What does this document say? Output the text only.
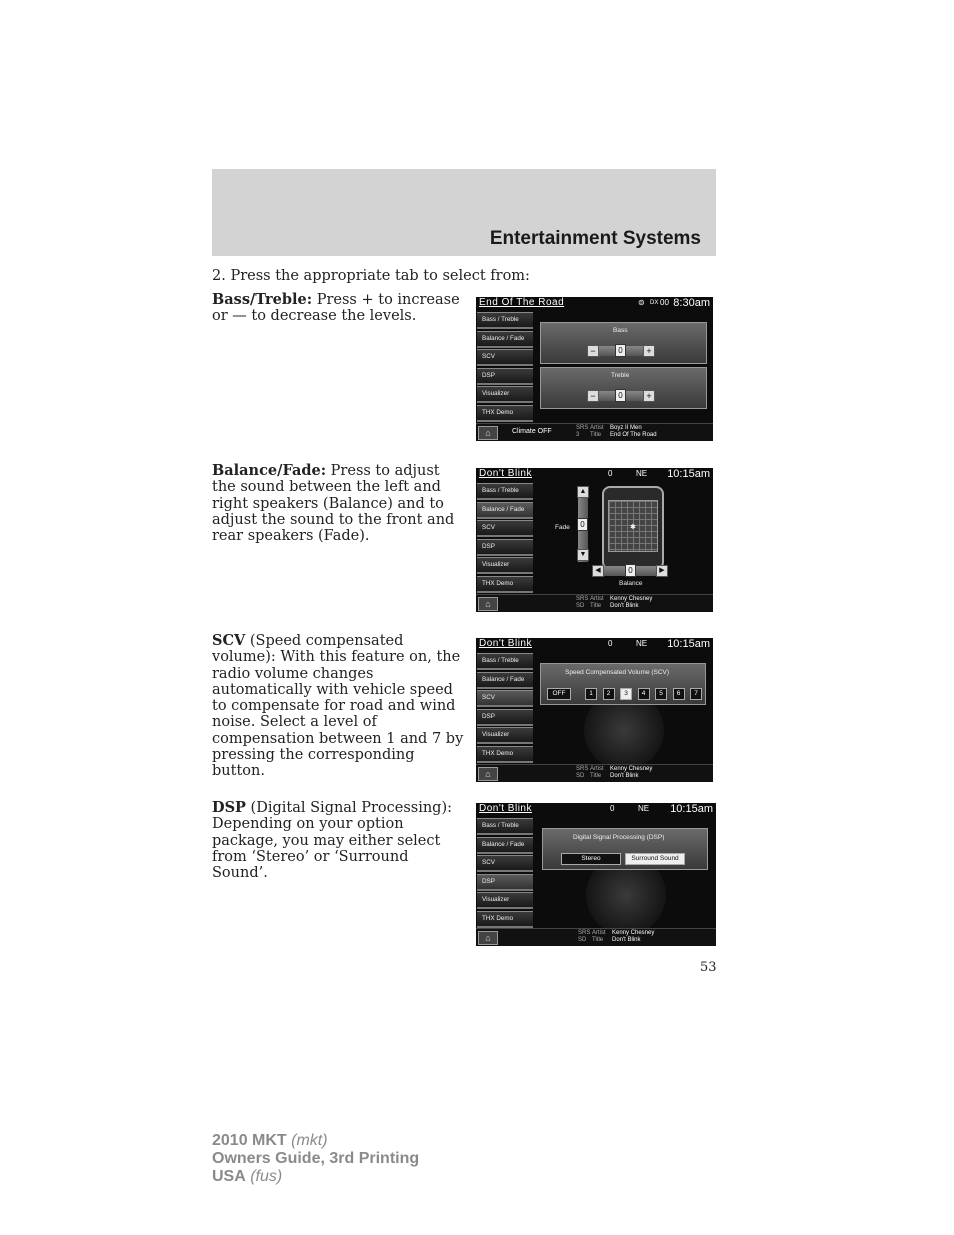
Entertainment Systems
2. Press the appropriate tab to select from:
Bass/Treble: Press + to increase or — to decrease the levels.
Balance/Fade: Press to adjust the sound between the left and right speakers (Balance) and to adjust the sound to the front and rear speakers (Fade).
SCV (Speed compensated volume): With this feature on, the radio volume changes automatically with vehicle speed to compensate for road and wind noise. Select a level of compensation between 1 and 7 by pressing the corresponding button.
DSP (Digital Signal Processing): Depending on your option package, you may either select from ‘Stereo’ or ‘Surround Sound’.
End Of The Road	⊜ DX 00 8:30am
Bass / Treble
Balance / Fade
SCV
DSP
Visualizer
THX Demo
Bass
−	0	+
Treble
−	0	+
⌂	Climate OFF	SRS
3
Artist
Title
Boyz II Men
End Of The Road
Don't Blink	0	NE 10:15am
Bass / Treble
Balance / Fade
SCV
DSP
Visualizer
THX Demo
Fade
▲
0
▼
✱
◀	0	▶
Balance
⌂	SRS
SD
Artist
Title
Kenny Chesney
Don't Blink
Don't Blink	0	NE 10:15am
Bass / Treble
Balance / Fade
SCV
DSP
Visualizer
THX Demo
Speed Compensated Volume (SCV)
OFF	1	2	3	4	5	6	7
⌂	SRS
SD
Artist
Title
Kenny Chesney
Don't Blink
Don't Blink	0	NE 10:15am
Bass / Treble
Balance / Fade
SCV
DSP
Visualizer
THX Demo
Digital Signal Processing (DSP)
Stereo	Surround Sound
⌂	SRS
SD
Artist
Title
Kenny Chesney
Don't Blink
53
2010 MKT (mkt)
Owners Guide, 3rd Printing
USA (fus)
